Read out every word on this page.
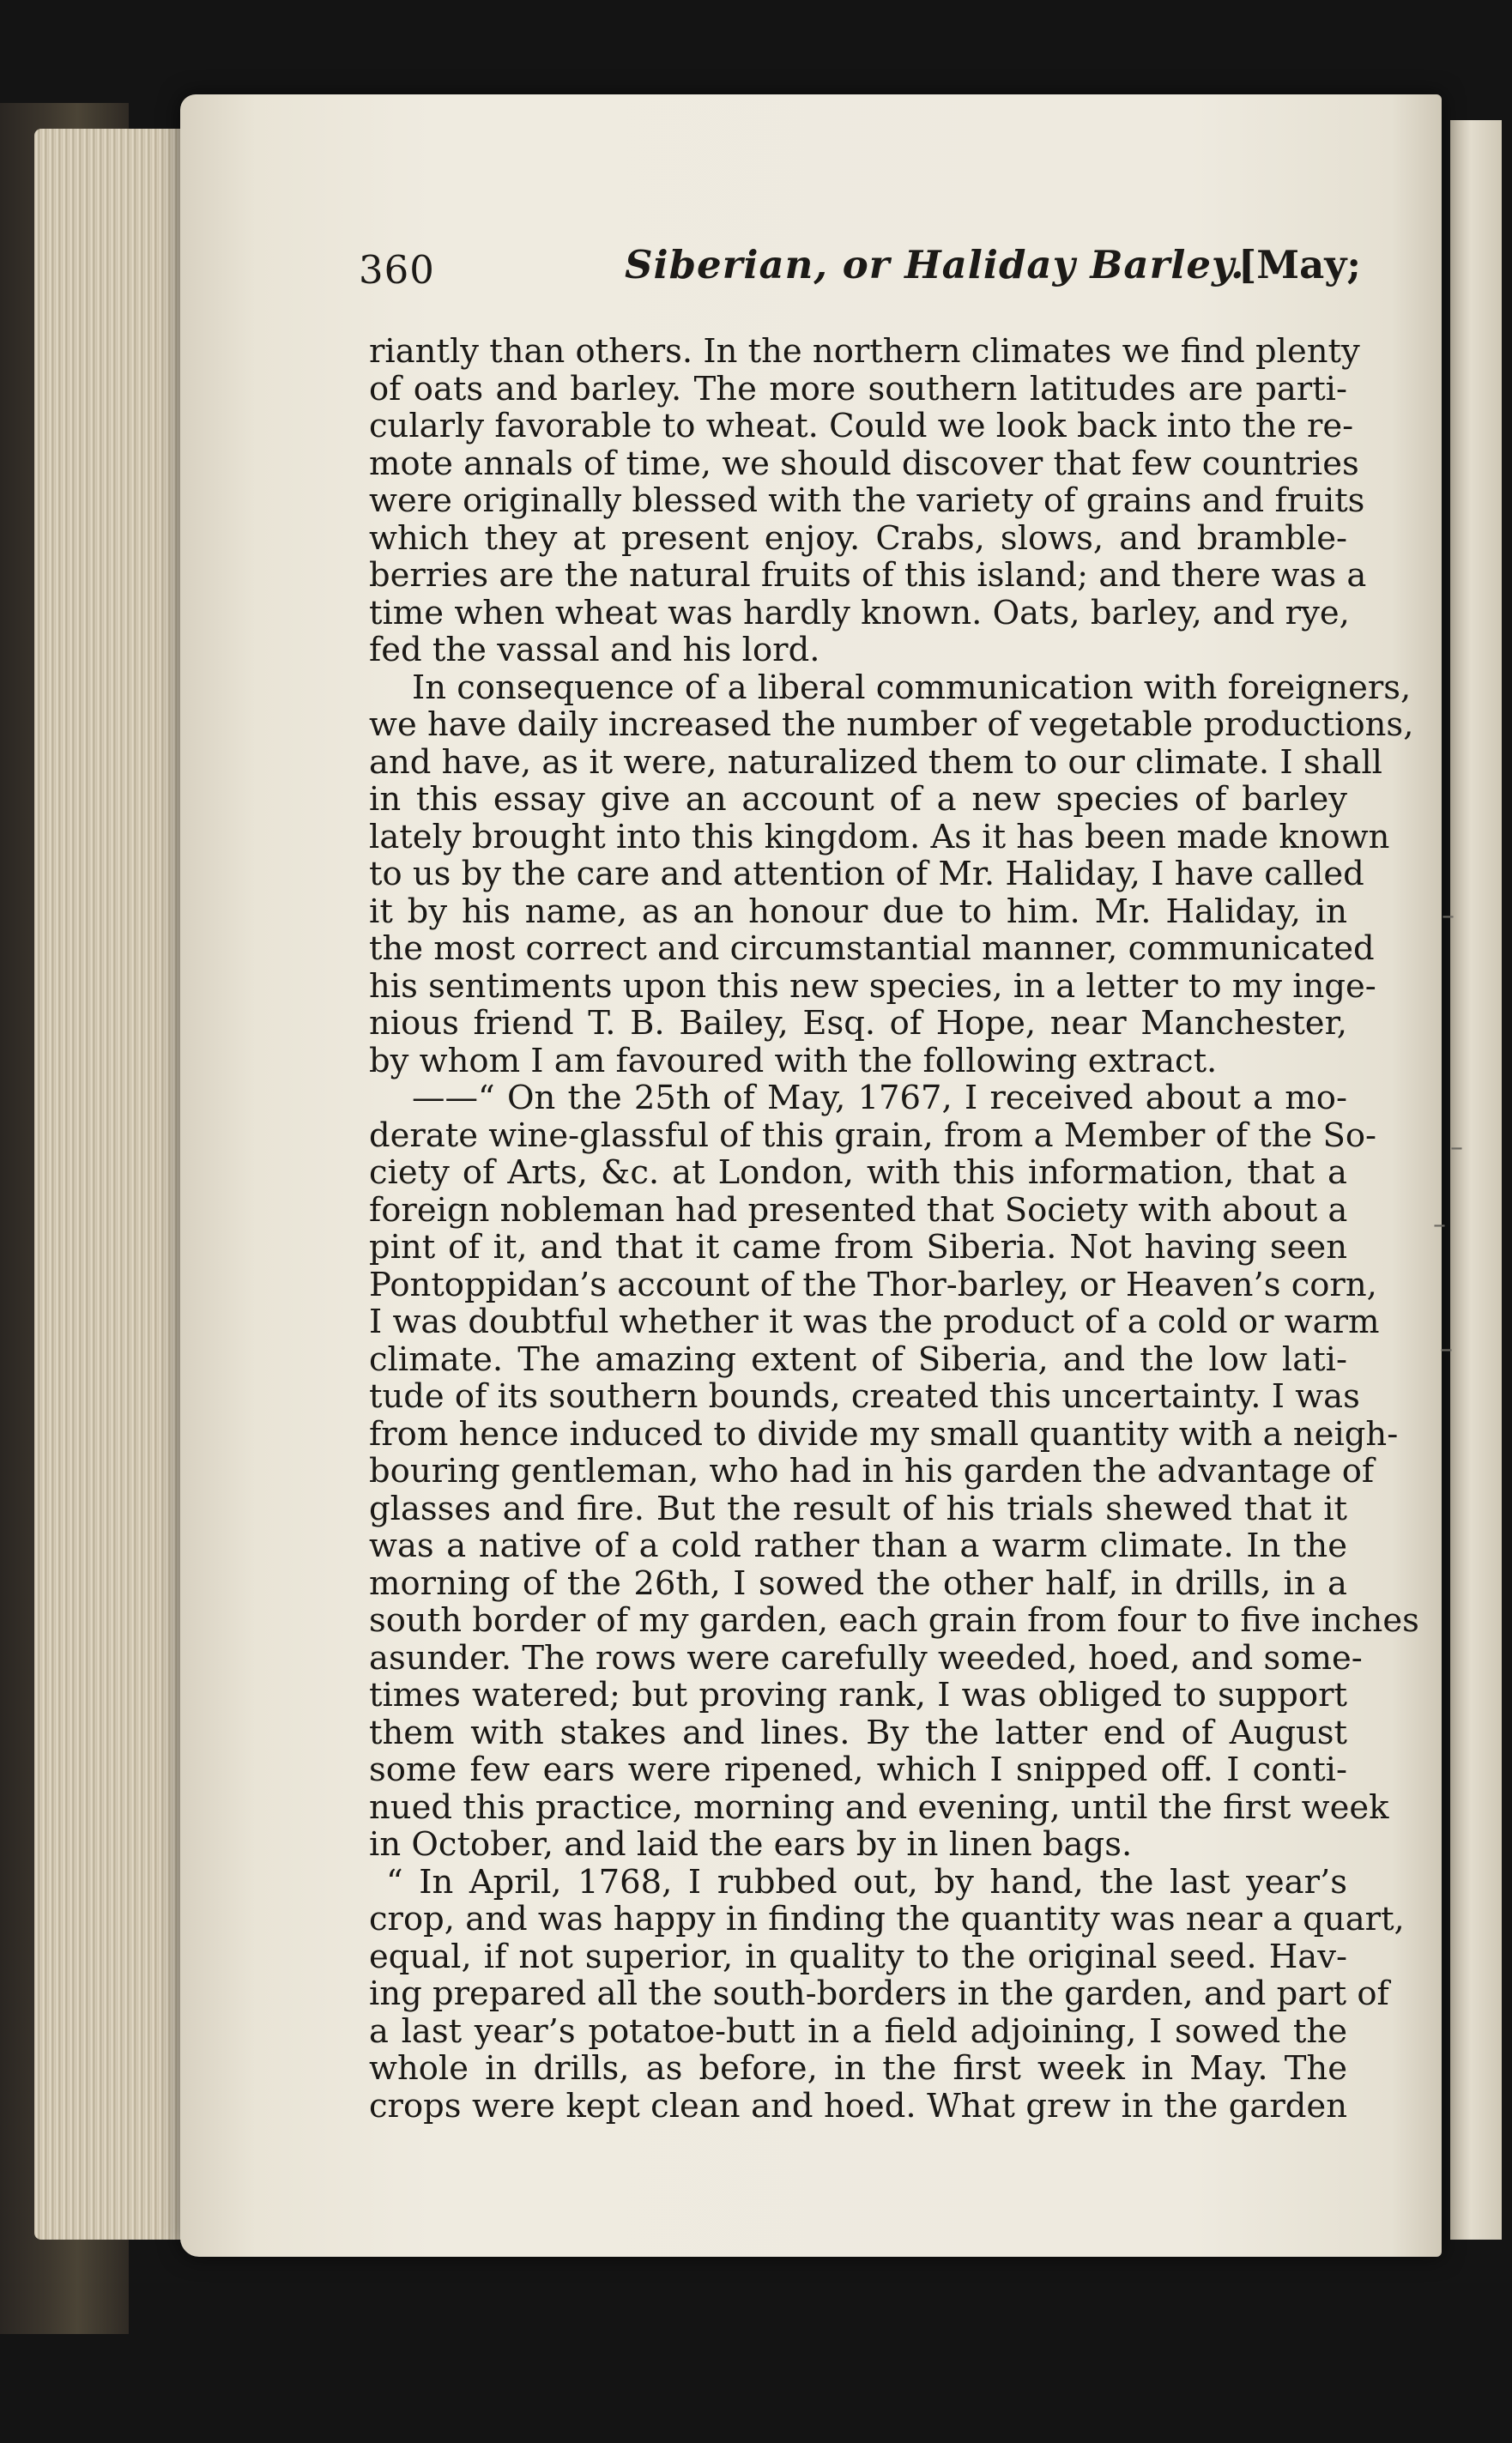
360	Siberian, or Haliday Barley.
[May;
riantly than others. In the northern climates we find plenty
of oats and barley. The more southern latitudes are parti-
cularly favorable to wheat. Could we look back into the re-
mote annals of time, we should discover that few countries
were originally blessed with the variety of grains and fruits
which they at present enjoy. Crabs, slows, and bramble-
berries are the natural fruits of this island; and there was a
time when wheat was hardly known. Oats, barley, and rye,
fed the vassal and his lord.
In consequence of a liberal communication with foreigners,
we have daily increased the number of vegetable productions,
and have, as it were, naturalized them to our climate. I shall
in this essay give an account of a new species of barley
lately brought into this kingdom. As it has been made known
to us by the care and attention of Mr. Haliday, I have called
it by his name, as an honour due to him. Mr. Haliday, in
the most correct and circumstantial manner, communicated
his sentiments upon this new species, in a letter to my inge-
nious friend T. B. Bailey, Esq. of Hope, near Manchester,
by whom I am favoured with the following extract.
——“ On the 25th of May, 1767, I received about a mo-
derate wine-glassful of this grain, from a Member of the So-
ciety of Arts, &c. at London, with this information, that a
foreign nobleman had presented that Society with about a
pint of it, and that it came from Siberia. Not having seen
Pontoppidan’s account of the Thor-barley, or Heaven’s corn,
I was doubtful whether it was the product of a cold or warm
climate. The amazing extent of Siberia, and the low lati-
tude of its southern bounds, created this uncertainty. I was
from hence induced to divide my small quantity with a neigh-
bouring gentleman, who had in his garden the advantage of
glasses and fire. But the result of his trials shewed that it
was a native of a cold rather than a warm climate. In the
morning of the 26th, I sowed the other half, in drills, in a
south border of my garden, each grain from four to five inches
asunder. The rows were carefully weeded, hoed, and some-
times watered; but proving rank, I was obliged to support
them with stakes and lines. By the latter end of August
some few ears were ripened, which I snipped off. I conti-
nued this practice, morning and evening, until the first week
in October, and laid the ears by in linen bags.
“ In April, 1768, I rubbed out, by hand, the last year’s
crop, and was happy in finding the quantity was near a quart,
equal, if not superior, in quality to the original seed. Hav-
ing prepared all the south-borders in the garden, and part of
a last year’s potatoe-butt in a field adjoining, I sowed the
whole in drills, as before, in the first week in May. The
crops were kept clean and hoed. What grew in the garden
–
–
–
–
